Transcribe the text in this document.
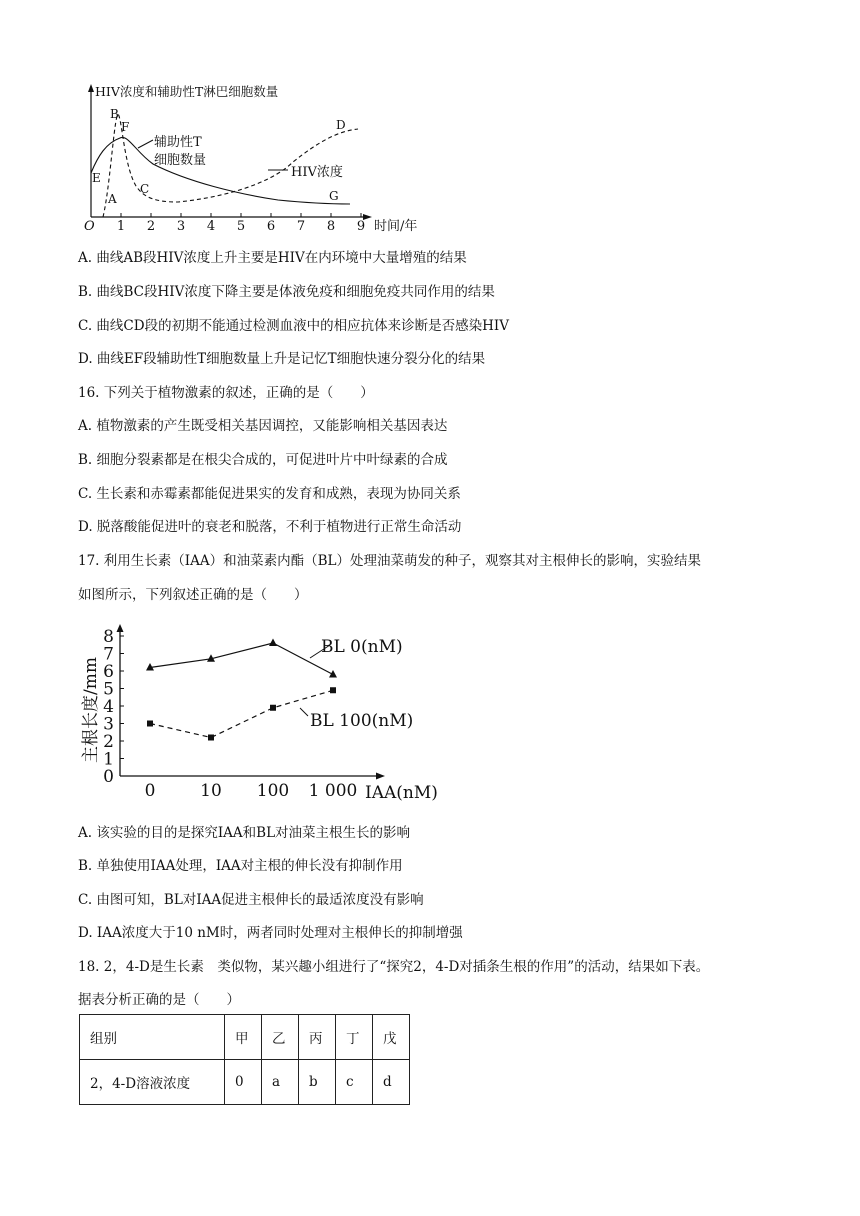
HIV浓度和辅助性T淋巴细胞数量
O	时间/年
1 2 3 4 5 6 7 8 9
A
B
C
D
E
F
G
辅助性T
细胞数量
HIV浓度
A. 曲线AB段HIV浓度上升主要是HIV在内环境中大量增殖的结果
B. 曲线BC段HIV浓度下降主要是体液免疫和细胞免疫共同作用的结果
C. 曲线CD段的初期不能通过检测血液中的相应抗体来诊断是否感染HIV
D. 曲线EF段辅助性T细胞数量上升是记忆T细胞快速分裂分化的结果
16. 下列关于植物激素的叙述，正确的是（　　）
A. 植物激素的产生既受相关基因调控，又能影响相关基因表达
B. 细胞分裂素都是在根尖合成的，可促进叶片中叶绿素的合成
C. 生长素和赤霉素都能促进果实的发育和成熟，表现为协同关系
D. 脱落酸能促进叶的衰老和脱落，不利于植物进行正常生命活动
17. 利用生长素（IAA）和油菜素内酯（BL）处理油菜萌发的种子，观察其对主根伸长的影响，实验结果
如图所示，下列叙述正确的是（　　）
主根长度/mm
IAA(nM)
0
1
2
3
4
5
6
7
8
0	10 100 1 000
BL 0(nM)
BL 100(nM)
A. 该实验的目的是探究IAA和BL对油菜主根生长的影响
B. 单独使用IAA处理，IAA对主根的伸长没有抑制作用
C. 由图可知，BL对IAA促进主根伸长的最适浓度没有影响
D. IAA浓度大于10 nM时，两者同时处理对主根伸长的抑制增强
18. 2，4-D是生长素　类似物，某兴趣小组进行了“探究2，4-D对插条生根的作用”的活动，结果如下表。
据表分析正确的是（　　）
组别	甲	乙	丙	丁	戊
2，4-D溶液浓度	0	a	b	c	d
